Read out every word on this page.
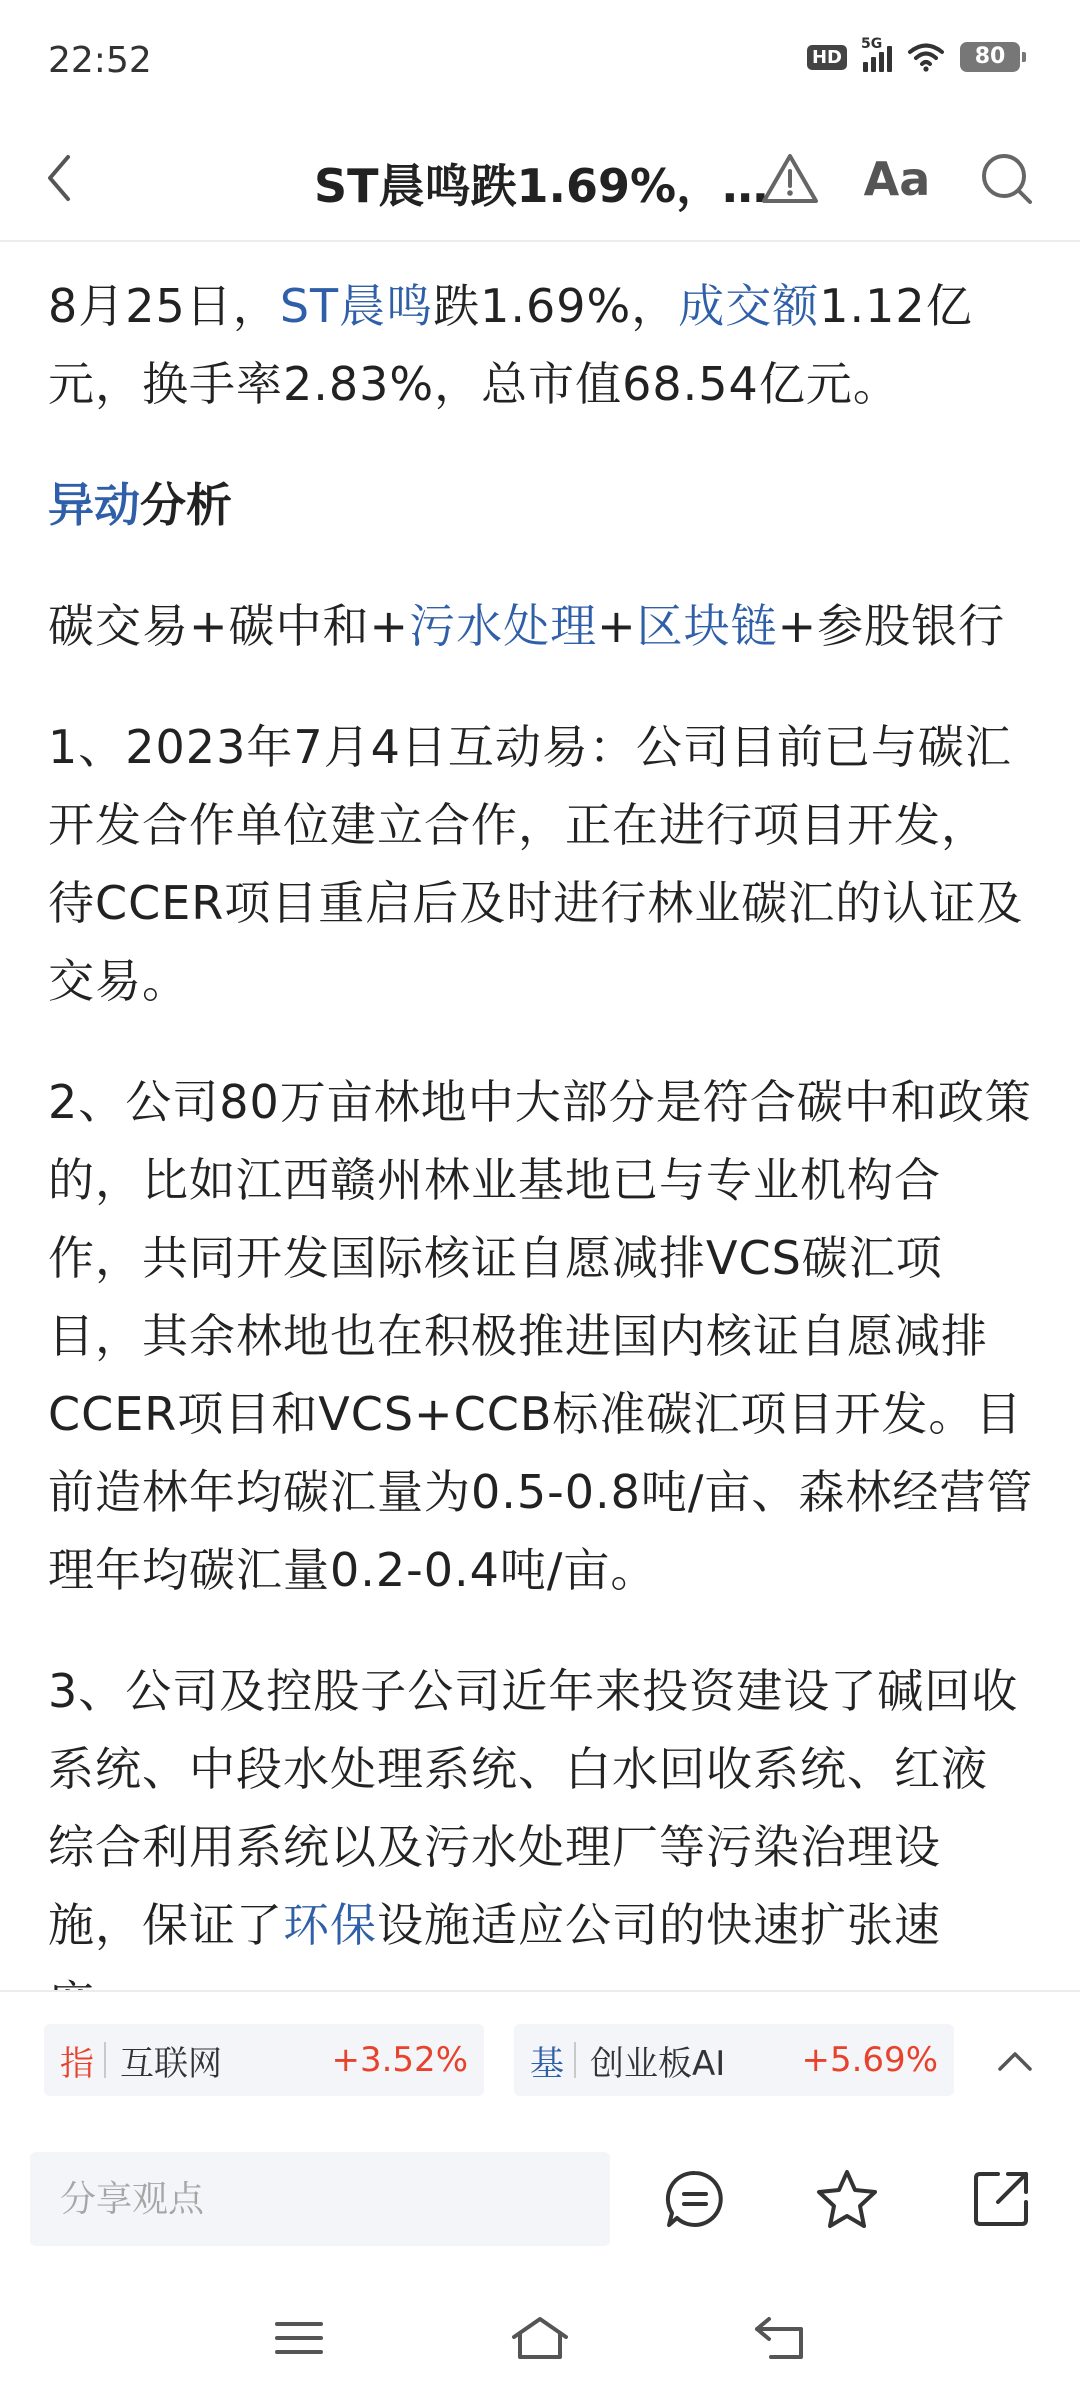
22:52	HD
5G	80
ST晨鸣跌1.69%，… Aa

8月25日，ST晨鸣跌1.69%，成交额1.12亿元，换手率2.83%，总市值68.54亿元。

异动分析

碳交易+碳中和+污水处理+区块链+参股银行

1、2023年7月4日互动易：公司目前已与碳汇开发合作单位建立合作，正在进行项目开发，待CCER项目重启后及时进行林业碳汇的认证及交易。

2、公司80万亩林地中大部分是符合碳中和政策的，比如江西赣州林业基地已与专业机构合作，共同开发国际核证自愿减排VCS碳汇项目，其余林地也在积极推进国内核证自愿减排CCER项目和VCS+CCB标准碳汇项目开发。目前造林年均碳汇量为0.5-0.8吨/亩、森林经营管理年均碳汇量0.2-0.4吨/亩。

3、公司及控股子公司近年来投资建设了碱回收系统、中段水处理系统、白水回收系统、红液综合利用系统以及污水处理厂等污染治理设施，保证了环保设施适应公司的快速扩张速

指 互联网	+3.52% 基 创业板AI	+5.69%
分享观点
